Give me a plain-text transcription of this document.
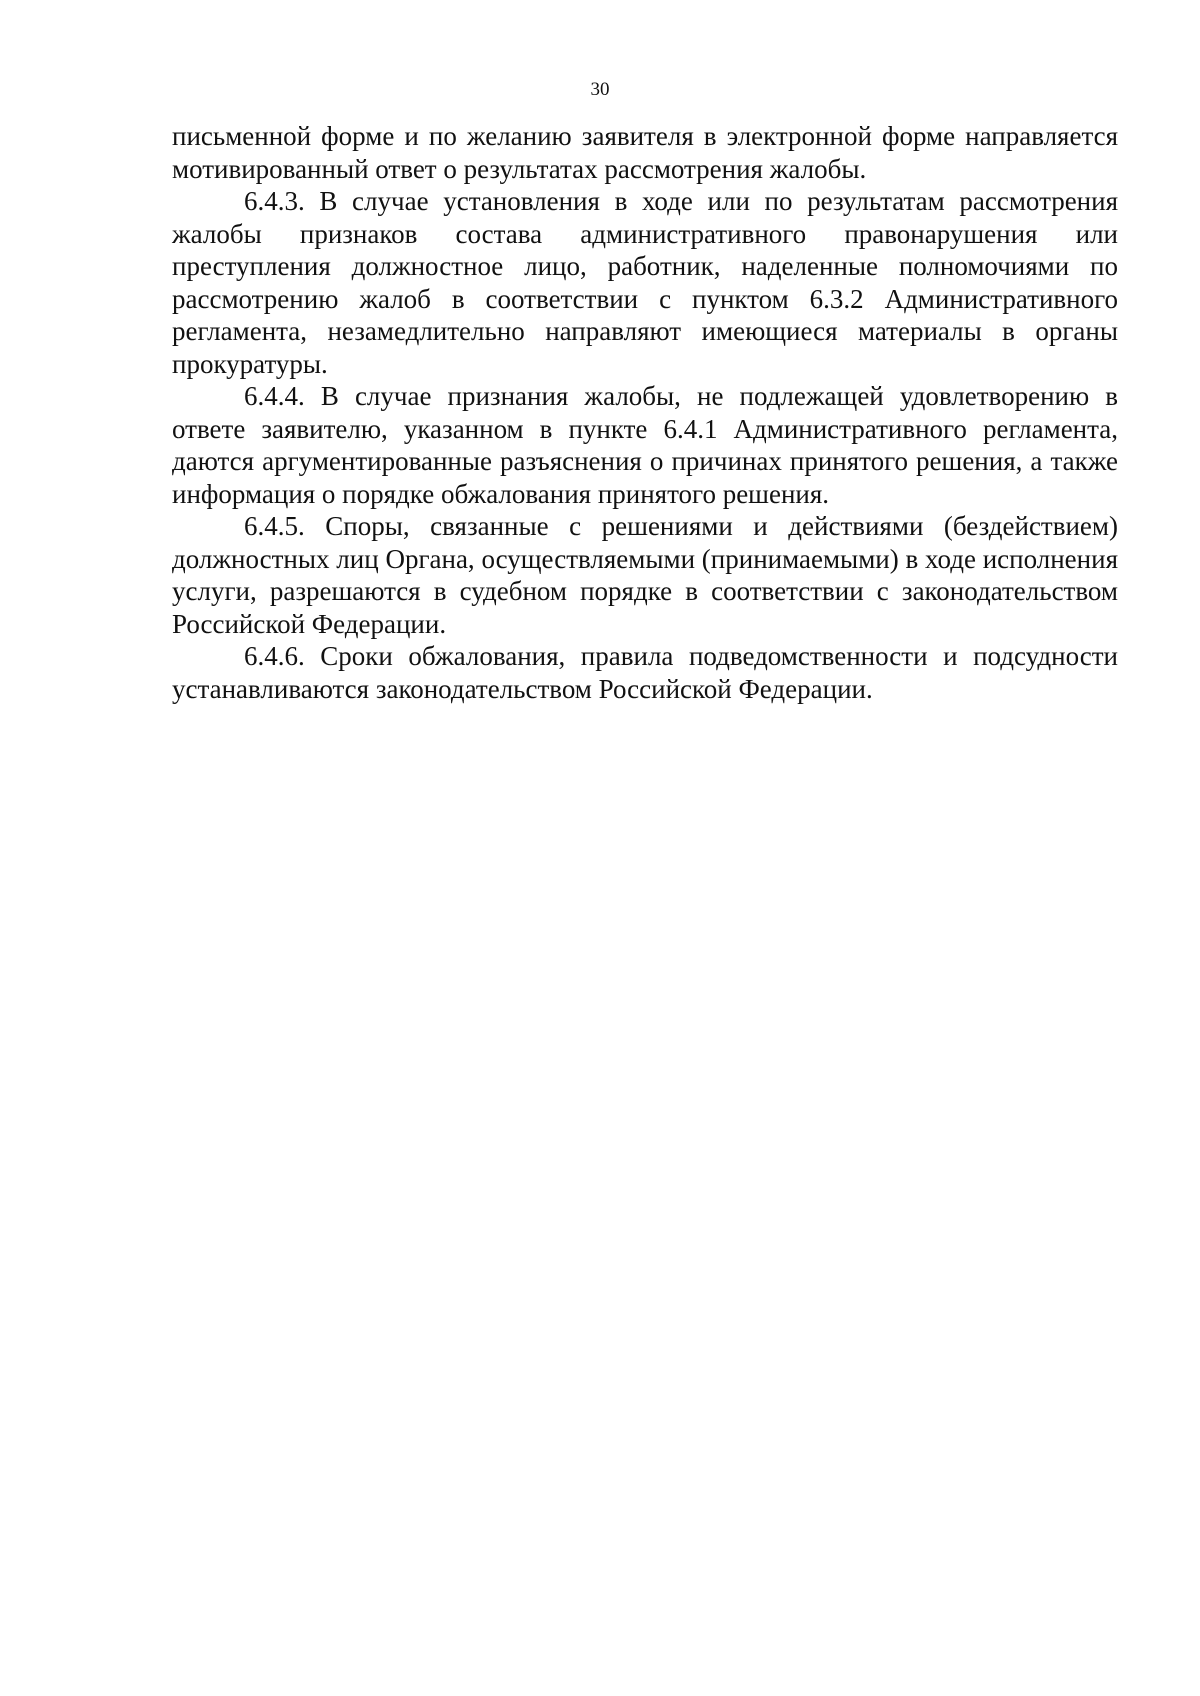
30

письменной форме и по желанию заявителя в электронной форме направляется мотивированный ответ о результатах рассмотрения жалобы.

6.4.3. В случае установления в ходе или по результатам рассмотрения жалобы признаков состава административного правонарушения или преступления должностное лицо, работник, наделенные полномочиями по рассмотрению жалоб в соответствии с пунктом 6.3.2 Административного регламента, незамедлительно направляют имеющиеся материалы в органы прокуратуры.

6.4.4. В случае признания жалобы, не подлежащей удовлетворению в ответе заявителю, указанном в пункте 6.4.1 Административного регламента, даются аргументированные разъяснения о причинах принятого решения, а также информация о порядке обжалования принятого решения.

6.4.5. Споры, связанные с решениями и действиями (бездействием) должностных лиц Органа, осуществляемыми (принимаемыми) в ходе исполнения услуги, разрешаются в судебном порядке в соответствии с законодательством Российской Федерации.

6.4.6. Сроки обжалования, правила подведомственности и подсудности устанавливаются законодательством Российской Федерации.
